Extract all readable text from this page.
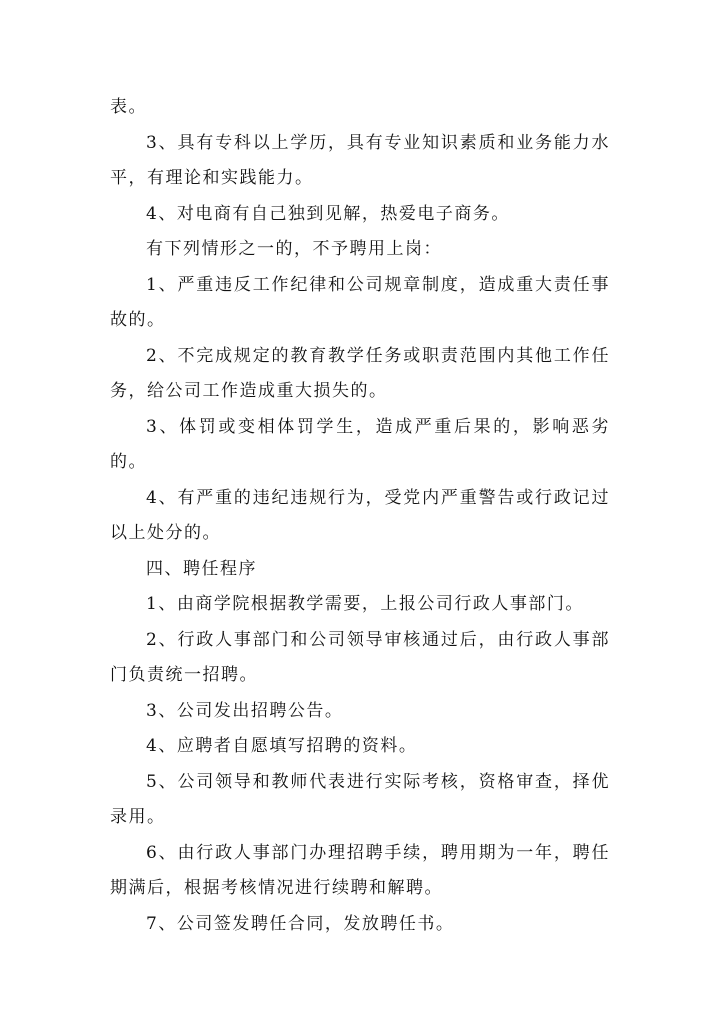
表。

3、具有专科以上学历，具有专业知识素质和业务能力水平，有理论和实践能力。

4、对电商有自己独到见解，热爱电子商务。

有下列情形之一的，不予聘用上岗：

1、严重违反工作纪律和公司规章制度，造成重大责任事故的。

2、不完成规定的教育教学任务或职责范围内其他工作任务，给公司工作造成重大损失的。

3、体罚或变相体罚学生，造成严重后果的，影响恶劣的。

4、有严重的违纪违规行为，受党内严重警告或行政记过以上处分的。

四、聘任程序

1、由商学院根据教学需要，上报公司行政人事部门。

2、行政人事部门和公司领导审核通过后，由行政人事部门负责统一招聘。

3、公司发出招聘公告。

4、应聘者自愿填写招聘的资料。

5、公司领导和教师代表进行实际考核，资格审查，择优录用。

6、由行政人事部门办理招聘手续，聘用期为一年，聘任期满后，根据考核情况进行续聘和解聘。

7、公司签发聘任合同，发放聘任书。
